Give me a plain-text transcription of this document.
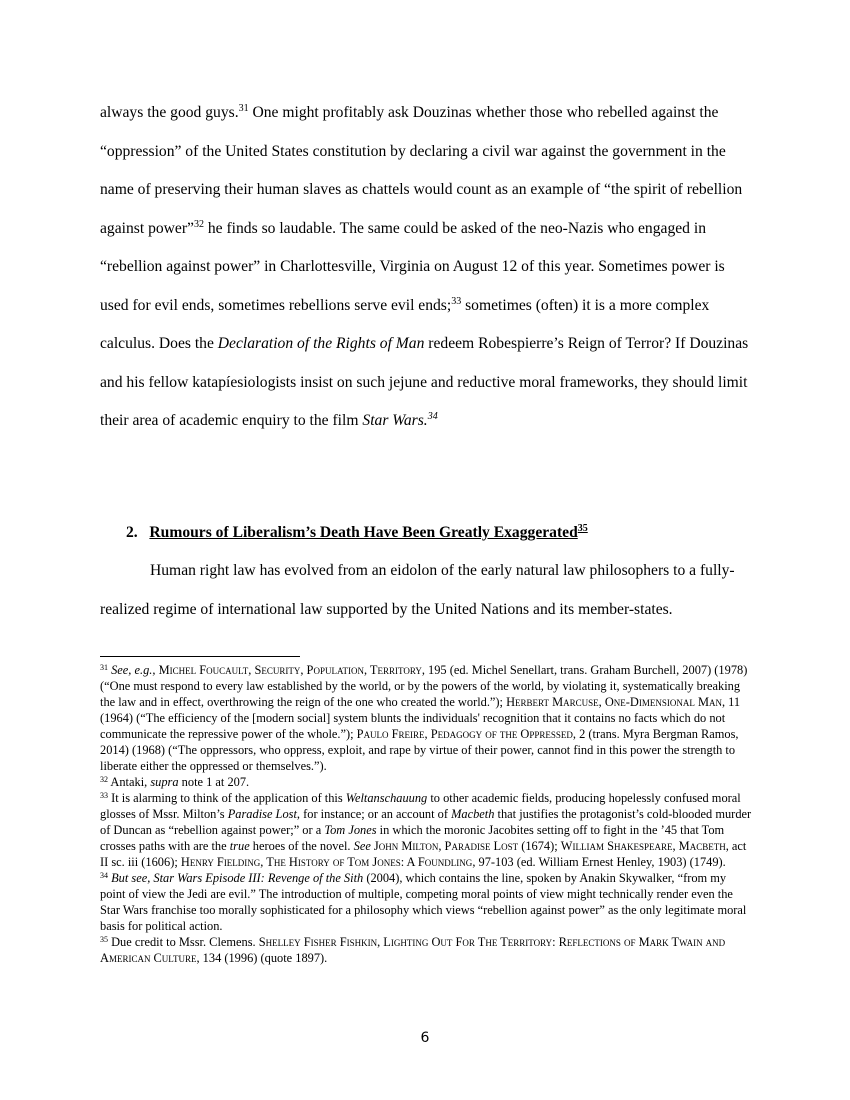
always the good guys.$^{31}$ One might profitably ask Douzinas whether those who rebelled against the “oppression” of the United States constitution by declaring a civil war against the government in the name of preserving their human slaves as chattels would count as an example of “the spirit of rebellion against power”$^{32}$ he finds so laudable. The same could be asked of the neo-Nazis who engaged in “rebellion against power” in Charlottesville, Virginia on August 12 of this year. Sometimes power is used for evil ends, sometimes rebellions serve evil ends;$^{33}$ sometimes (often) it is a more complex calculus. Does the Declaration of the Rights of Man redeem Robespierre’s Reign of Terror? If Douzinas and his fellow katapíesiologists insist on such jejune and reductive moral frameworks, they should limit their area of academic enquiry to the film Star Wars.$^{34}$

2. Rumours of Liberalism’s Death Have Been Greatly Exaggerated$^{35}$

Human right law has evolved from an eidolon of the early natural law philosophers to a fully-realized regime of international law supported by the United Nations and its member-states.

$^{31}$ See, e.g., Michel Foucault, Security, Population, Territory, 195 (ed. Michel Senellart, trans. Graham Burchell, 2007) (1978) (“One must respond to every law established by the world, or by the powers of the world, by violating it, systematically breaking the law and in effect, overthrowing the reign of the one who created the world.”); Herbert Marcuse, One-Dimensional Man, 11 (1964) (“The efficiency of the [modern social] system blunts the individuals' recognition that it contains no facts which do not communicate the repressive power of the whole.”); Paulo Freire, Pedagogy of the Oppressed, 2 (trans. Myra Bergman Ramos, 2014) (1968) (“The oppressors, who oppress, exploit, and rape by virtue of their power, cannot find in this power the strength to liberate either the oppressed or themselves.”).

$^{32}$ Antaki, supra note 1 at 207.

$^{33}$ It is alarming to think of the application of this Weltanschauung to other academic fields, producing hopelessly confused moral glosses of Mssr. Milton’s Paradise Lost, for instance; or an account of Macbeth that justifies the protagonist’s cold-blooded murder of Duncan as “rebellion against power;” or a Tom Jones in which the moronic Jacobites setting off to fight in the ’45 that Tom crosses paths with are the true heroes of the novel. See John Milton, Paradise Lost (1674); William Shakespeare, Macbeth, act II sc. iii (1606); Henry Fielding, The History of Tom Jones: A Foundling, 97-103 (ed. William Ernest Henley, 1903) (1749).

$^{34}$ But see, Star Wars Episode III: Revenge of the Sith (2004), which contains the line, spoken by Anakin Skywalker, “from my point of view the Jedi are evil.” The introduction of multiple, competing moral points of view might technically render even the Star Wars franchise too morally sophisticated for a philosophy which views “rebellion against power” as the only legitimate moral basis for political action.

$^{35}$ Due credit to Mssr. Clemens. Shelley Fisher Fishkin, Lighting Out For The Territory: Reflections of Mark Twain and American Culture, 134 (1996) (quote 1897).

6
